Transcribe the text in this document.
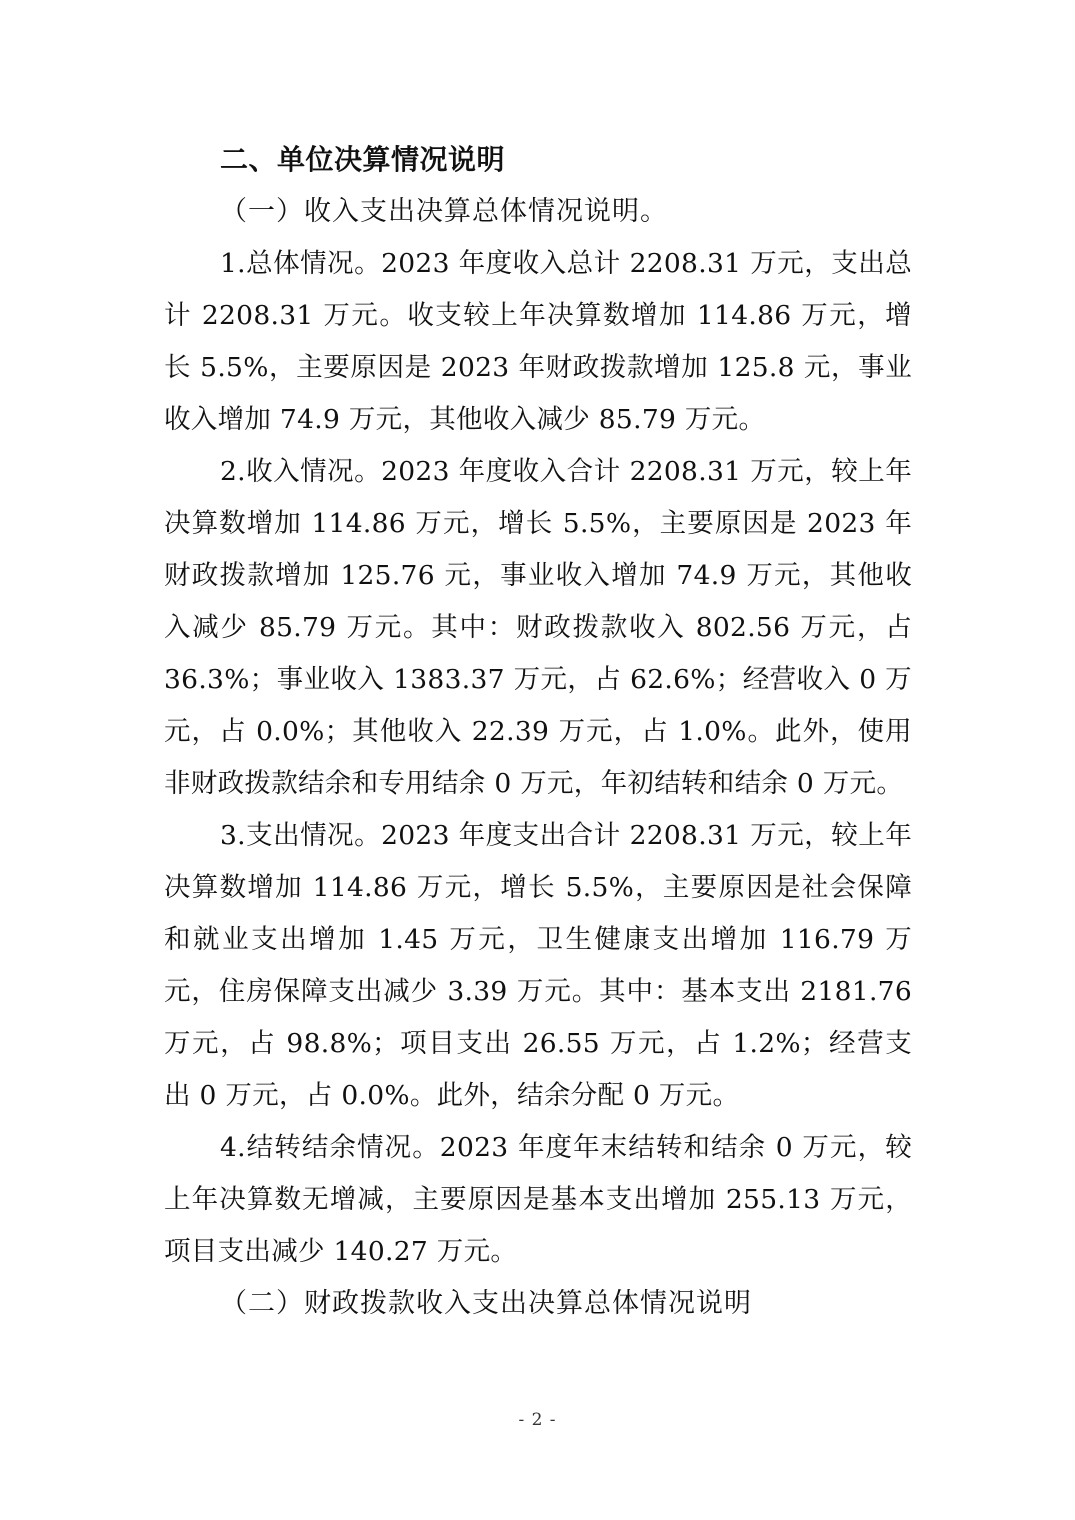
二、单位决算情况说明

（一）收入支出决算总体情况说明。

1.总体情况。2023 年度收入总计 2208.31 万元，支出总计 2208.31 万元。收支较上年决算数增加 114.86 万元，增长 5.5%，主要原因是 2023 年财政拨款增加 125.8 元，事业收入增加 74.9 万元，其他收入减少 85.79 万元。

2.收入情况。2023 年度收入合计 2208.31 万元，较上年决算数增加 114.86 万元，增长 5.5%，主要原因是 2023 年财政拨款增加 125.76 元，事业收入增加 74.9 万元，其他收入减少 85.79 万元。其中：财政拨款收入 802.56 万元，占 36.3%；事业收入 1383.37 万元，占 62.6%；经营收入 0 万元，占 0.0%；其他收入 22.39 万元，占 1.0%。此外，使用非财政拨款结余和专用结余 0 万元，年初结转和结余 0 万元。

3.支出情况。2023 年度支出合计 2208.31 万元，较上年决算数增加 114.86 万元，增长 5.5%，主要原因是社会保障和就业支出增加 1.45 万元，卫生健康支出增加 116.79 万元，住房保障支出减少 3.39 万元。其中：基本支出 2181.76 万元，占 98.8%；项目支出 26.55 万元，占 1.2%；经营支出 0 万元，占 0.0%。此外，结余分配 0 万元。

4.结转结余情况。2023 年度年末结转和结余 0 万元，较上年决算数无增减，主要原因是基本支出增加 255.13 万元，项目支出减少 140.27 万元。

（二）财政拨款收入支出决算总体情况说明

- 2 -
